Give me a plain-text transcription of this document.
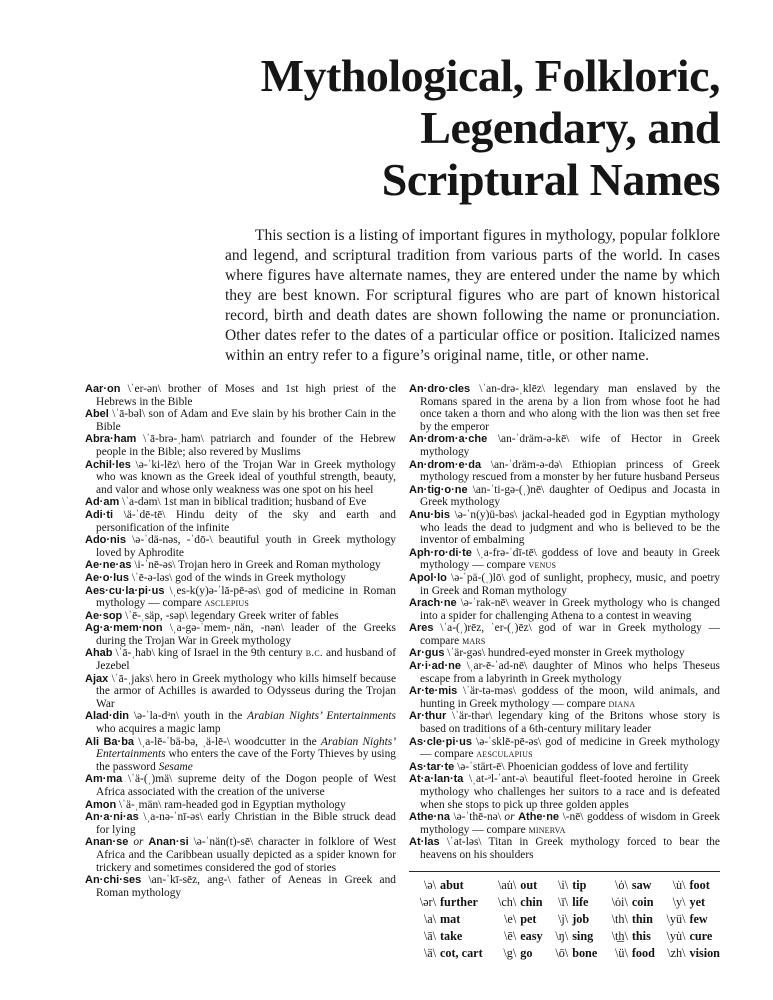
Mythological, Folkloric,
Legendary, and
Scriptural Names

This section is a listing of important figures in mythology, popular folklore and legend, and scriptural tradition from various parts of the world. In cases where figures have alternate names, they are entered under the name by which they are best known. For scriptural figures who are part of known historical record, birth and death dates are shown following the name or pronunciation. Other dates refer to the dates of a particular office or position. Italicized names within an entry refer to a figure’s original name, title, or other name.

Aar·on \ˈer-ən\ brother of Moses and 1st high priest of the Hebrews in the Bible

Abel \ˈā-bəl\ son of Adam and Eve slain by his brother Cain in the Bible

Abra·ham \ˈā-brə-ˌham\ patriarch and founder of the Hebrew people in the Bible; also revered by Muslims

Achil·les \ə-ˈki-lēz\ hero of the Trojan War in Greek mythology who was known as the Greek ideal of youthful strength, beauty, and valor and whose only weakness was one spot on his heel

Ad·am \ˈa-dəm\ 1st man in biblical tradition; husband of Eve

Adi·ti \ä-ˈdē-tē\ Hindu deity of the sky and earth and personification of the infinite

Ado·nis \ə-ˈdä-nəs, -ˈdō-\ beautiful youth in Greek mythology loved by Aphrodite

Ae·ne·as \i-ˈnē-əs\ Trojan hero in Greek and Roman mythology

Ae·o·lus \ˈē-ə-ləs\ god of the winds in Greek mythology

Aes·cu·la·pi·us \ˌes-k(y)ə-ˈlā-pē-əs\ god of medicine in Roman mythology — compare asclepius

Ae·sop \ˈē-ˌsäp, -səp\ legendary Greek writer of fables

Ag·a·mem·non \ˌa-gə-ˈmem-ˌnän, -nən\ leader of the Greeks during the Trojan War in Greek mythology

Ahab \ˈā-ˌhab\ king of Israel in the 9th century b.c. and husband of Jezebel

Ajax \ˈā-ˌjaks\ hero in Greek mythology who kills himself because the armor of Achilles is awarded to Odysseus during the Trojan War

Alad·din \ə-ˈla-dᵊn\ youth in the Arabian Nights’ Entertainments who acquires a magic lamp

Ali Ba·ba \ˌa-lē-ˈbä-bə, ˌä-lē-\ woodcutter in the Arabian Nights’ Entertainments who enters the cave of the Forty Thieves by using the password Sesame

Am·ma \ˈä-(ˌ)mä\ supreme deity of the Dogon people of West Africa associated with the creation of the universe

Amon \ˈä-ˌmän\ ram-headed god in Egyptian mythology

An·a·ni·as \ˌa-nə-ˈnī-əs\ early Christian in the Bible struck dead for lying

Anan·se or Anan·si \ə-ˈnän(t)-sē\ character in folklore of West Africa and the Caribbean usually depicted as a spider known for trickery and sometimes considered the god of stories

An·chi·ses \an-ˈkī-sēz, ang-\ father of Aeneas in Greek and Roman mythology

An·dro·cles \ˈan-drə-ˌklēz\ legendary man enslaved by the Romans spared in the arena by a lion from whose foot he had once taken a thorn and who along with the lion was then set free by the emperor

An·drom·a·che \an-ˈdräm-ə-kē\ wife of Hector in Greek mythology

An·drom·e·da \an-ˈdräm-ə-də\ Ethiopian princess of Greek mythology rescued from a monster by her future husband Perseus

An·tig·o·ne \an-ˈti-gə-(ˌ)nē\ daughter of Oedipus and Jocasta in Greek mythology

Anu·bis \ə-ˈn(y)ü-bəs\ jackal-headed god in Egyptian mythology who leads the dead to judgment and who is believed to be the inventor of embalming

Aph·ro·di·te \ˌa-frə-ˈdī-tē\ goddess of love and beauty in Greek mythology — compare venus

Apol·lo \ə-ˈpä-(ˌ)lō\ god of sunlight, prophecy, music, and poetry in Greek and Roman mythology

Arach·ne \ə-ˈrak-nē\ weaver in Greek mythology who is changed into a spider for challenging Athena to a contest in weaving

Ares \ˈa-(ˌ)rēz, ˈer-(ˌ)ēz\ god of war in Greek mythology — compare mars

Ar·gus \ˈär-gəs\ hundred-eyed monster in Greek mythology

Ar·i·ad·ne \ˌar-ē-ˈad-nē\ daughter of Minos who helps Theseus escape from a labyrinth in Greek mythology

Ar·te·mis \ˈär-tə-məs\ goddess of the moon, wild animals, and hunting in Greek mythology — compare diana

Ar·thur \ˈär-thər\ legendary king of the Britons whose story is based on traditions of a 6th-century military leader

As·cle·pi·us \ə-ˈsklē-pē-əs\ god of medicine in Greek mythology — compare aesculapius

As·tar·te \ə-ˈstärt-ē\ Phoenician goddess of love and fertility

At·a·lan·ta \ˌat-ᵊl-ˈant-ə\ beautiful fleet-footed heroine in Greek mythology who challenges her suitors to a race and is defeated when she stops to pick up three golden apples

Athe·na \ə-ˈthē-nə\ or Athe·ne \-nē\ goddess of wisdom in Greek mythology — compare minerva

At·las \ˈat-ləs\ Titan in Greek mythology forced to bear the heavens on his shoulders

\ə\ abut	\au̇\ out	\i\ tip	\ȯ\ saw	\u̇\ foot
\ər\ further	\ch\ chin	\ī\ life	\ȯi\ coin	\y\ yet
\a\ mat	\e\ pet	\j\ job	\th\ thin	\yü\ few
\ā\ take	\ē\ easy	\ŋ\ sing	\t͟h\ this	\yu̇\ cure
\ä\ cot, cart	\g\ go	\ō\ bone	\ü\ food	\zh\ vision
